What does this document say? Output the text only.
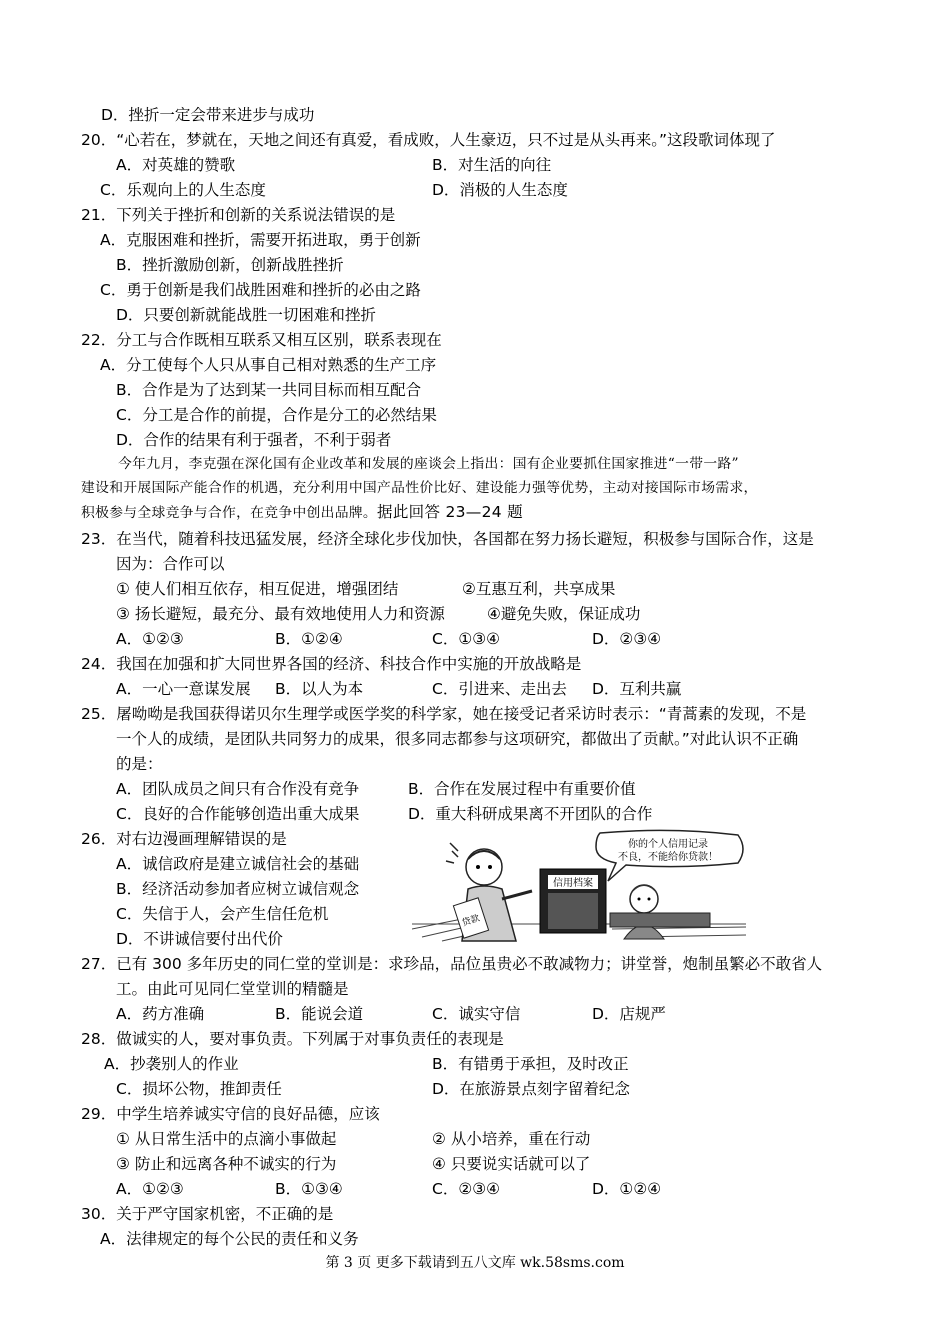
D．挫折一定会带来进步与成功
20．“心若在，梦就在，天地之间还有真爱，看成败，人生豪迈，只不过是从头再来。”这段歌词体现了
A．对英雄的赞歌	B．对生活的向往
C．乐观向上的人生态度	D．消极的人生态度
21．下列关于挫折和创新的关系说法错误的是
A．克服困难和挫折，需要开拓进取，勇于创新
B．挫折激励创新，创新战胜挫折
C．勇于创新是我们战胜困难和挫折的必由之路
D．只要创新就能战胜一切困难和挫折
22．分工与合作既相互联系又相互区别，联系表现在
A．分工使每个人只从事自己相对熟悉的生产工序
B．合作是为了达到某一共同目标而相互配合
C．分工是合作的前提，合作是分工的必然结果
D．合作的结果有利于强者，不利于弱者
今年九月，李克强在深化国有企业改革和发展的座谈会上指出：国有企业要抓住国家推进“一带一路”
建设和开展国际产能合作的机遇，充分利用中国产品性价比好、建设能力强等优势，主动对接国际市场需求，
积极参与全球竞争与合作，在竞争中创出品牌。据此回答 23—24 题
23．在当代，随着科技迅猛发展，经济全球化步伐加快，各国都在努力扬长避短，积极参与国际合作，这是
因为：合作可以
① 使人们相互依存，相互促进，增强团结	②互惠互利，共享成果
③ 扬长避短，最充分、最有效地使用人力和资源	④避免失败，保证成功
A．①②③	B．①②④	C．①③④	D．②③④
24．我国在加强和扩大同世界各国的经济、科技合作中实施的开放战略是
A．一心一意谋发展 B．以人为本	C．引进来、走出去 D．互利共赢
25．屠呦呦是我国获得诺贝尔生理学或医学奖的科学家，她在接受记者采访时表示：“青蒿素的发现，不是
一个人的成绩，是团队共同努力的成果，很多同志都参与这项研究，都做出了贡献。”对此认识不正确
的是：
A．团队成员之间只有合作没有竞争	B．合作在发展过程中有重要价值
C．良好的合作能够创造出重大成果	D．重大科研成果离不开团队的合作
26．对右边漫画理解错误的是
A．诚信政府是建立诚信社会的基础
B．经济活动参加者应树立诚信观念
C．失信于人，会产生信任危机
D．不讲诚信要付出代价
你的个人信用记录
不良，不能给你贷款！
信用档案
贷款
27．已有 300 多年历史的同仁堂的堂训是：求珍品，品位虽贵必不敢减物力；讲堂誉，炮制虽繁必不敢省人
工。由此可见同仁堂堂训的精髓是
A．药方准确	B．能说会道	C．诚实守信	D．店规严
28．做诚实的人，要对事负责。下列属于对事负责任的表现是
A．抄袭别人的作业	B．有错勇于承担，及时改正
C．损坏公物，推卸责任	D．在旅游景点刻字留着纪念
29．中学生培养诚实守信的良好品德，应该
① 从日常生活中的点滴小事做起	② 从小培养，重在行动
③ 防止和远离各种不诚实的行为	④ 只要说实话就可以了
A．①②③	B．①③④	C．②③④	D．①②④
30．关于严守国家机密，不正确的是
A．法律规定的每个公民的责任和义务
第 3 页 更多下载请到五八文库 wk.58sms.com
